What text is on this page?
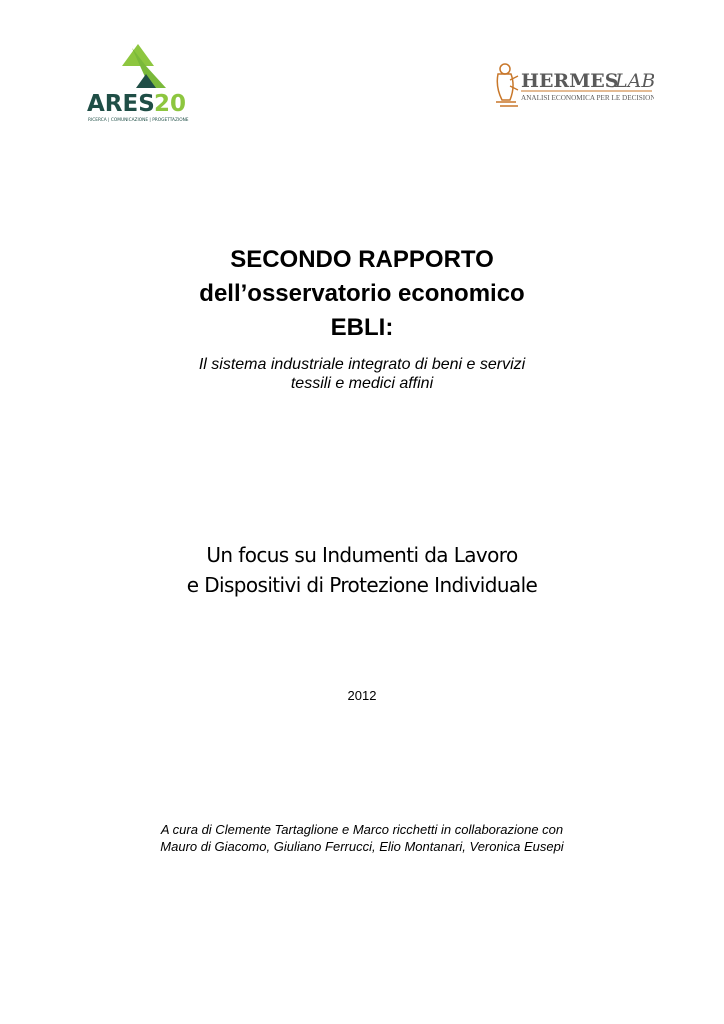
ARES 20
RICERCA | COMUNICAZIONE | PROGETTAZIONE
HERMES
LAB
ANALISI ECONOMICA PER LE DECISIONI
SECONDO RAPPORTO
dell’osservatorio economico
EBLI:
Il sistema industriale integrato di beni e servizi
tessili e medici affini
Un focus su Indumenti da Lavoro
e Dispositivi di Protezione Individuale
2012
A cura di Clemente Tartaglione e Marco ricchetti in collaborazione con
Mauro di Giacomo, Giuliano Ferrucci, Elio Montanari, Veronica Eusepi
